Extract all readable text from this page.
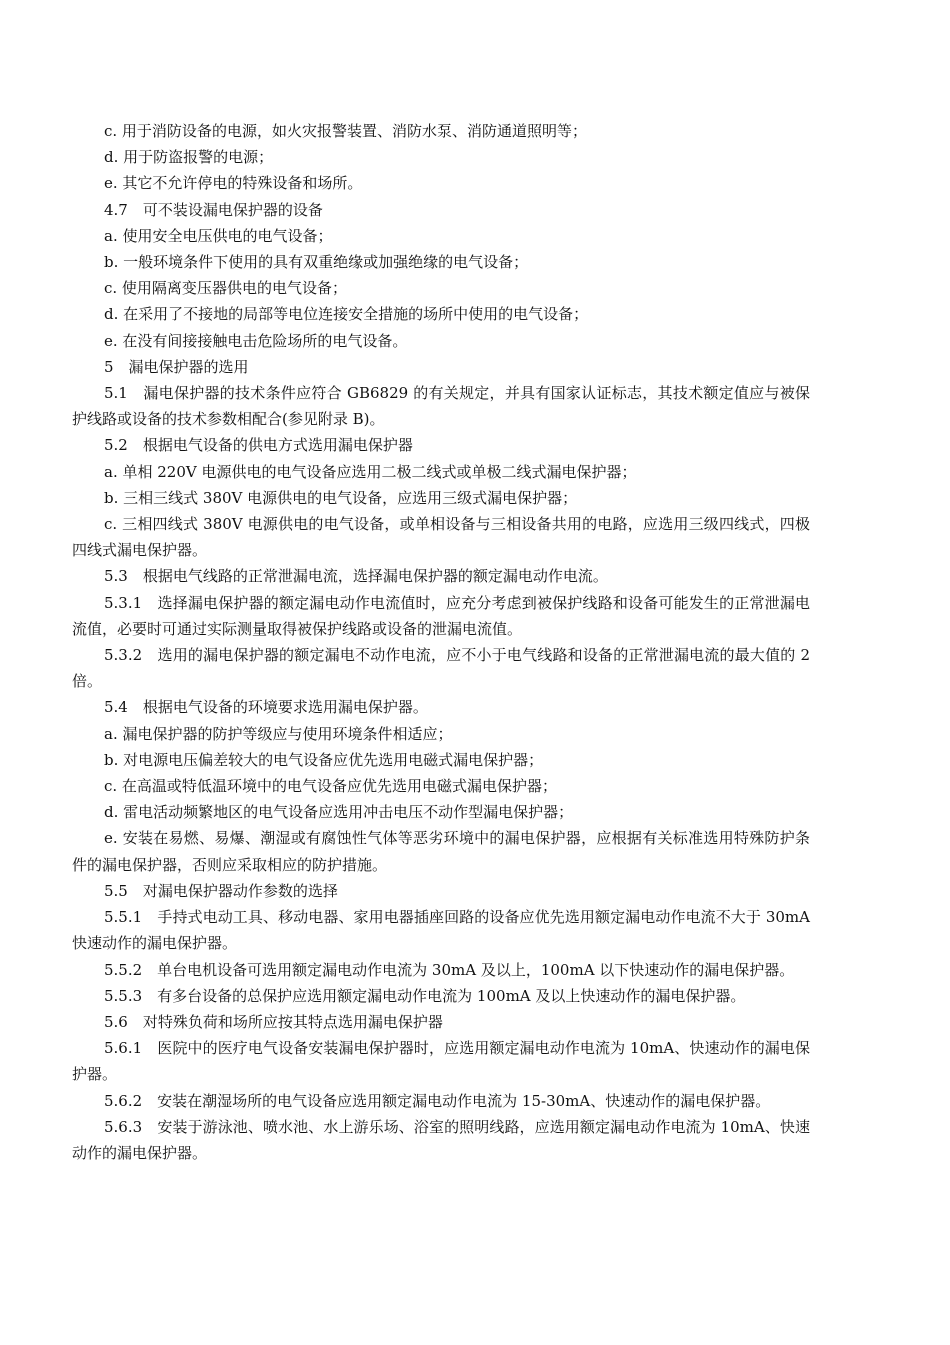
c. 用于消防设备的电源，如火灾报警装置、消防水泵、消防通道照明等；

d. 用于防盗报警的电源；

e. 其它不允许停电的特殊设备和场所。

4.7　可不装设漏电保护器的设备

a. 使用安全电压供电的电气设备；

b. 一般环境条件下使用的具有双重绝缘或加强绝缘的电气设备；

c. 使用隔离变压器供电的电气设备；

d. 在采用了不接地的局部等电位连接安全措施的场所中使用的电气设备；

e. 在没有间接接触电击危险场所的电气设备。

5　漏电保护器的选用

5.1　漏电保护器的技术条件应符合 GB6829 的有关规定，并具有国家认证标志，其技术额定值应与被保护线路或设备的技术参数相配合(参见附录 B)。

5.2　根据电气设备的供电方式选用漏电保护器

a. 单相 220V 电源供电的电气设备应选用二极二线式或单极二线式漏电保护器；

b. 三相三线式 380V 电源供电的电气设备，应选用三级式漏电保护器；

c. 三相四线式 380V 电源供电的电气设备，或单相设备与三相设备共用的电路，应选用三级四线式，四极四线式漏电保护器。

5.3　根据电气线路的正常泄漏电流，选择漏电保护器的额定漏电动作电流。

5.3.1　选择漏电保护器的额定漏电动作电流值时，应充分考虑到被保护线路和设备可能发生的正常泄漏电流值，必要时可通过实际测量取得被保护线路或设备的泄漏电流值。

5.3.2　选用的漏电保护器的额定漏电不动作电流，应不小于电气线路和设备的正常泄漏电流的最大值的 2 倍。

5.4　根据电气设备的环境要求选用漏电保护器。

a. 漏电保护器的防护等级应与使用环境条件相适应；

b. 对电源电压偏差较大的电气设备应优先选用电磁式漏电保护器；

c. 在高温或特低温环境中的电气设备应优先选用电磁式漏电保护器；

d. 雷电活动频繁地区的电气设备应选用冲击电压不动作型漏电保护器；

e. 安装在易燃、易爆、潮湿或有腐蚀性气体等恶劣环境中的漏电保护器，应根据有关标准选用特殊防护条件的漏电保护器，否则应采取相应的防护措施。

5.5　对漏电保护器动作参数的选择

5.5.1　手持式电动工具、移动电器、家用电器插座回路的设备应优先选用额定漏电动作电流不大于 30mA 快速动作的漏电保护器。

5.5.2　单台电机设备可选用额定漏电动作电流为 30mA 及以上，100mA 以下快速动作的漏电保护器。

5.5.3　有多台设备的总保护应选用额定漏电动作电流为 100mA 及以上快速动作的漏电保护器。

5.6　对特殊负荷和场所应按其特点选用漏电保护器

5.6.1　医院中的医疗电气设备安装漏电保护器时，应选用额定漏电动作电流为 10mA、快速动作的漏电保护器。

5.6.2　安装在潮湿场所的电气设备应选用额定漏电动作电流为 15-30mA、快速动作的漏电保护器。

5.6.3　安装于游泳池、喷水池、水上游乐场、浴室的照明线路，应选用额定漏电动作电流为 10mA、快速动作的漏电保护器。
